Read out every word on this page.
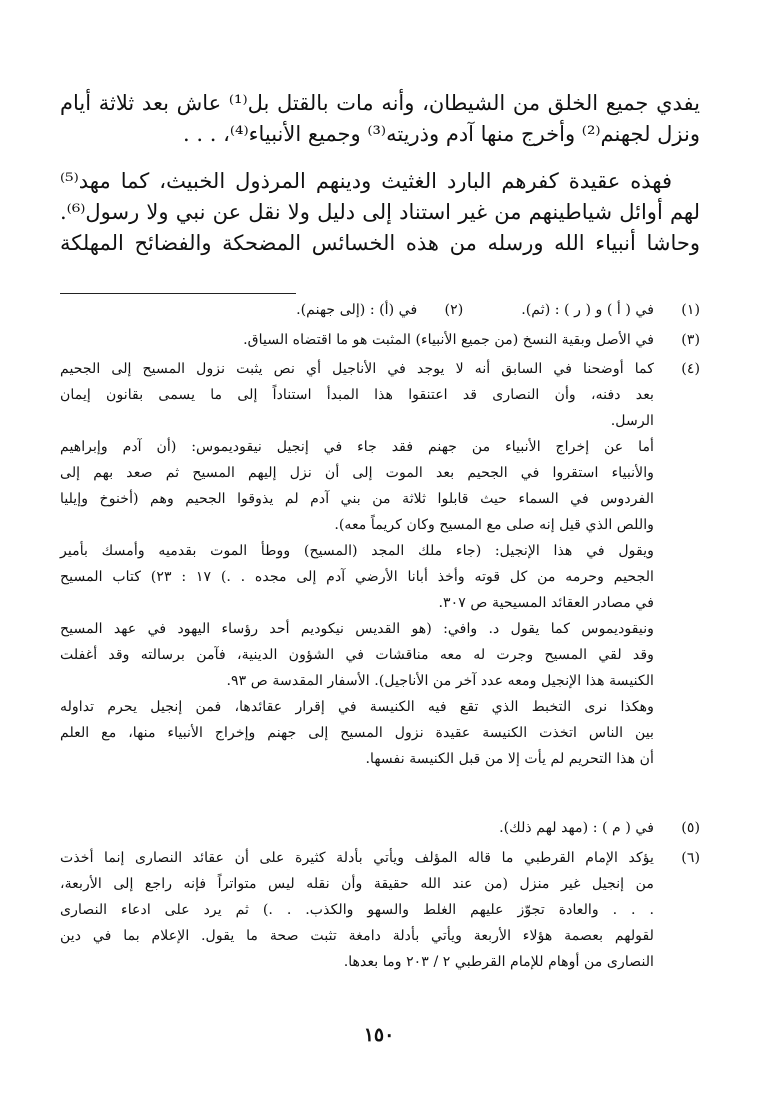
يفدي جميع الخلق من الشيطان، وأنه مات بالقتل بل⁽¹⁾ عاش بعد ثلاثة أيام

ونزل لجهنم⁽²⁾ وأخرج منها آدم وذريته⁽³⁾ وجميع الأنبياء⁽⁴⁾، . . .

فهذه عقيدة كفرهم البارد الغثيث ودينهم المرذول الخبيث، كما مهد⁽⁵⁾

لهم أوائل شياطينهم من غير استناد إلى دليل ولا نقل عن نبي ولا رسول⁽⁶⁾.

وحاشا أنبياء الله ورسله من هذه الخسائس المضحكة والفضائح المهلكة

(١)
في ( أ ) و ( ر ) : (ثم).
(٢)
في (أ) : (إلى جهنم).
(٣)
في الأصل وبقية النسخ (من جميع الأنبياء) المثبت هو ما اقتضاه السياق.
(٤)
كما أوضحنا في السابق أنه لا يوجد في الأناجيل أي نص يثبت نزول المسيح إلى الجحيم
بعد دفنه، وأن النصارى قد اعتنقوا هذا المبدأ استناداً إلى ما يسمى بقانون إيمان
الرسل.
أما عن إخراج الأنبياء من جهنم فقد جاء في إنجيل نيقوديموس: (أن آدم وإبراهيم
والأنبياء استقروا في الجحيم بعد الموت إلى أن نزل إليهم المسيح ثم صعد بهم إلى
الفردوس في السماء حيث قابلوا ثلاثة من بني آدم لم يذوقوا الجحيم وهم (أخنوخ وإيليا
واللص الذي قيل إنه صلى مع المسيح وكان كريماً معه).
ويقول في هذا الإنجيل: (جاء ملك المجد (المسيح) ووطأ الموت بقدميه وأمسك بأمير
الجحيم وحرمه من كل قوته وأخذ أبانا الأرضي آدم إلى مجده . .) ١٧ : ٢٣) كتاب المسيح
في مصادر العقائد المسيحية ص ٣٠٧.
ونيقوديموس كما يقول د. وافي: (هو القديس نيكوديم أحد رؤساء اليهود في عهد المسيح
وقد لقي المسيح وجرت له معه مناقشات في الشؤون الدينية، فآمن برسالته وقد أغفلت
الكنيسة هذا الإنجيل ومعه عدد آخر من الأناجيل). الأسفار المقدسة ص ٩٣.
وهكذا نرى التخبط الذي تقع فيه الكنيسة في إقرار عقائدها، فمن إنجيل يحرم تداوله
بين الناس اتخذت الكنيسة عقيدة نزول المسيح إلى جهنم وإخراج الأنبياء منها، مع العلم
أن هذا التحريم لم يأت إلا من قبل الكنيسة نفسها.
(٥)
في ( م ) : (مهد لهم ذلك).
(٦)
يؤكد الإمام القرطبي ما قاله المؤلف ويأتي بأدلة كثيرة على أن عقائد النصارى إنما أخذت
من إنجيل غير منزل (من عند الله حقيقة وأن نقله ليس متواتراً فإنه راجع إلى الأربعة،
. . . والعادة تجوّز عليهم الغلط والسهو والكذب. . .) ثم يرد على ادعاء النصارى
لقولهم بعصمة هؤلاء الأربعة ويأتي بأدلة دامغة تثبت صحة ما يقول. الإعلام بما في دين
النصارى من أوهام للإمام القرطبي ٢ / ٢٠٣ وما بعدها.
١٥٠
